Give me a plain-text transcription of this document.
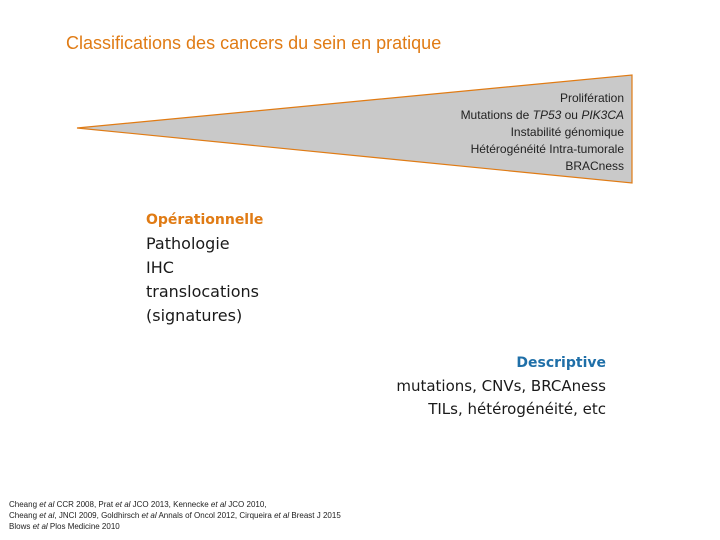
Classifications des cancers du sein en pratique
Prolifération
Mutations de TP53 ou PIK3CA
Instabilité génomique
Hétérogénéité Intra-tumorale
BRACness
Opérationnelle
Pathologie
IHC
translocations
(signatures)
Descriptive
mutations, CNVs, BRCAness
TILs, hétérogénéité, etc
Cheang et al CCR 2008, Prat et al JCO 2013, Kennecke et al JCO 2010,
Cheang et al, JNCI 2009, Goldhirsch et al Annals of Oncol 2012, Cirqueira et al Breast J 2015
Blows et al Plos Medicine 2010
